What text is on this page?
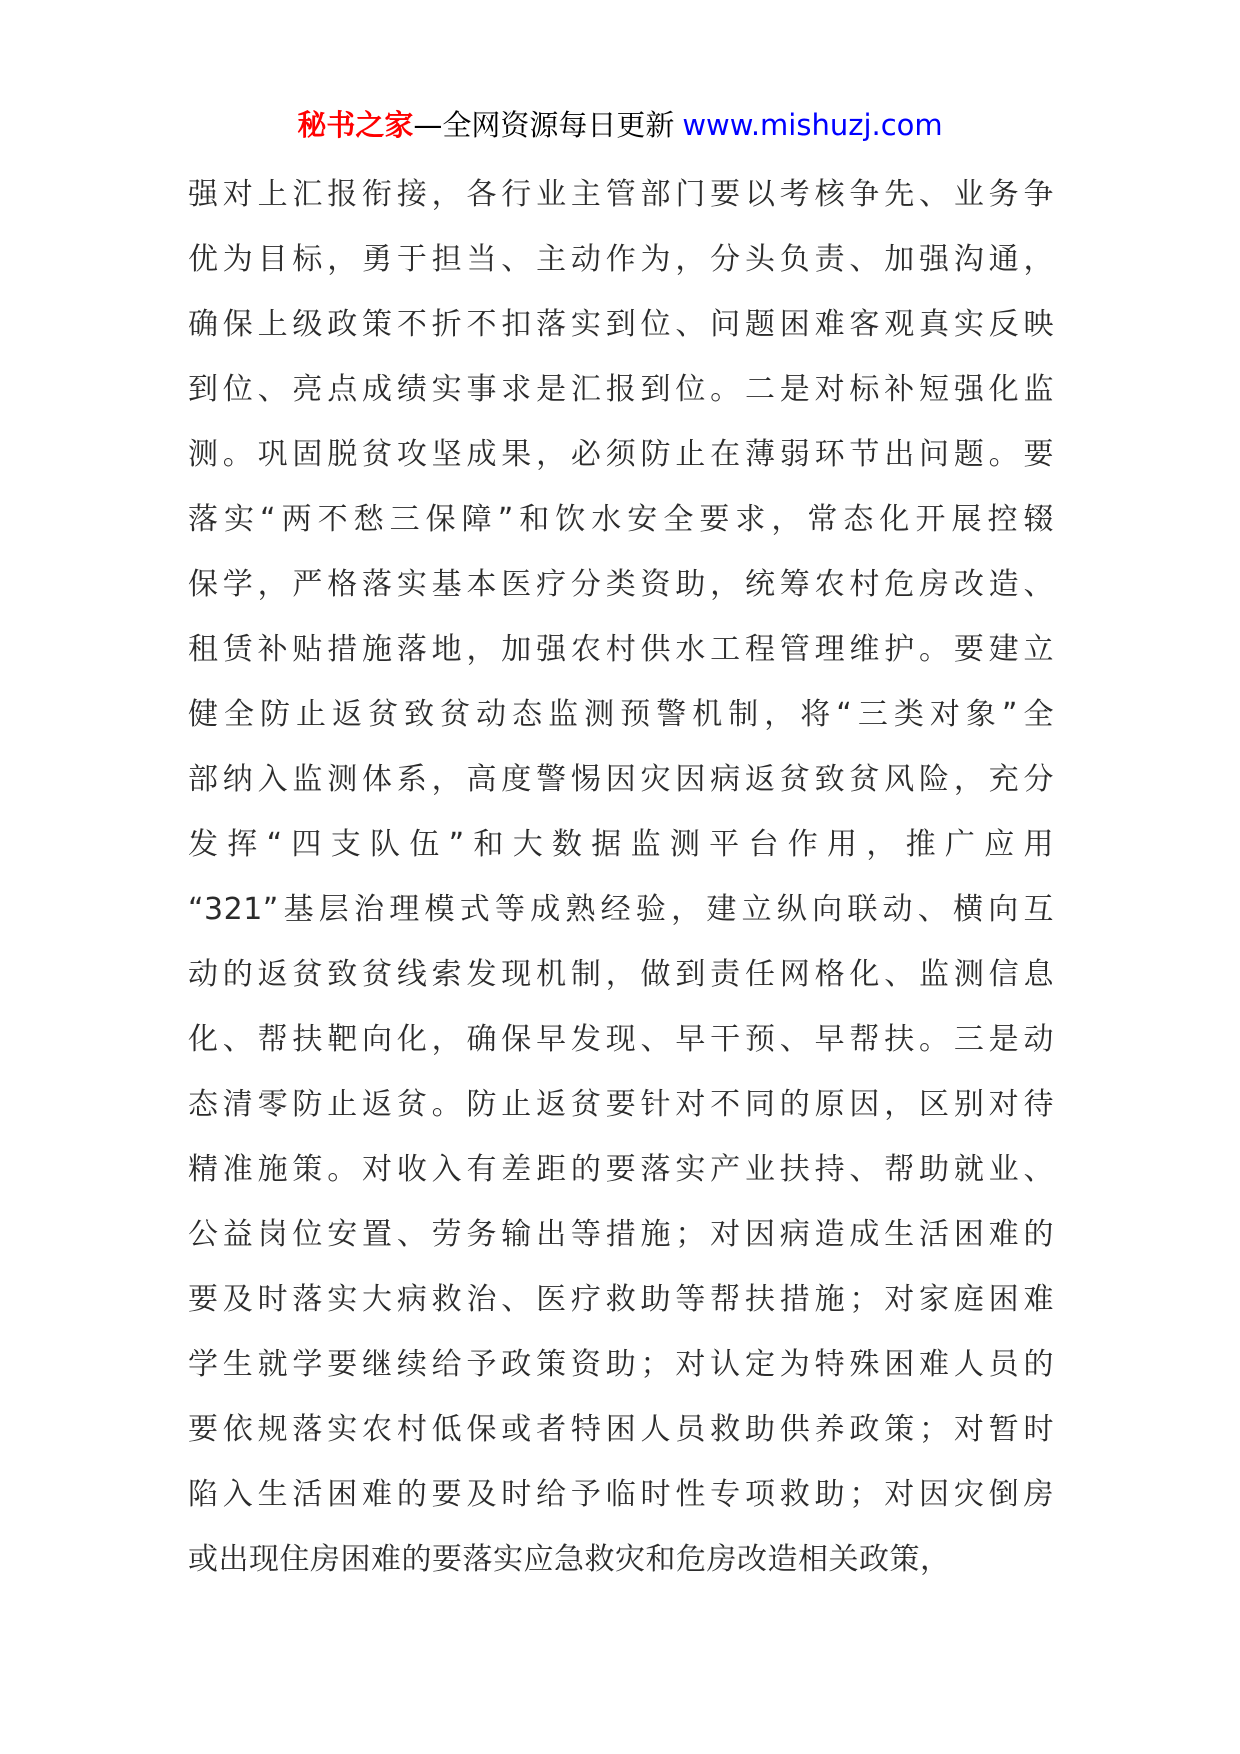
秘书之家—全网资源每日更新 www.mishuzj.com
强对上汇报衔接，各行业主管部门要以考核争先、业务争
优为目标，勇于担当、主动作为，分头负责、加强沟通，
确保上级政策不折不扣落实到位、问题困难客观真实反映
到位、亮点成绩实事求是汇报到位。二是对标补短强化监
测。巩固脱贫攻坚成果，必须防止在薄弱环节出问题。要
落实“两不愁三保障”和饮水安全要求，常态化开展控辍
保学，严格落实基本医疗分类资助，统筹农村危房改造、
租赁补贴措施落地，加强农村供水工程管理维护。要建立
健全防止返贫致贫动态监测预警机制，将“三类对象”全
部纳入监测体系，高度警惕因灾因病返贫致贫风险，充分
发挥“四支队伍”和大数据监测平台作用，推广应用
“321”基层治理模式等成熟经验，建立纵向联动、横向互
动的返贫致贫线索发现机制，做到责任网格化、监测信息
化、帮扶靶向化，确保早发现、早干预、早帮扶。三是动
态清零防止返贫。防止返贫要针对不同的原因，区别对待
精准施策。对收入有差距的要落实产业扶持、帮助就业、
公益岗位安置、劳务输出等措施；对因病造成生活困难的
要及时落实大病救治、医疗救助等帮扶措施；对家庭困难
学生就学要继续给予政策资助；对认定为特殊困难人员的
要依规落实农村低保或者特困人员救助供养政策；对暂时
陷入生活困难的要及时给予临时性专项救助；对因灾倒房
或出现住房困难的要落实应急救灾和危房改造相关政策，
